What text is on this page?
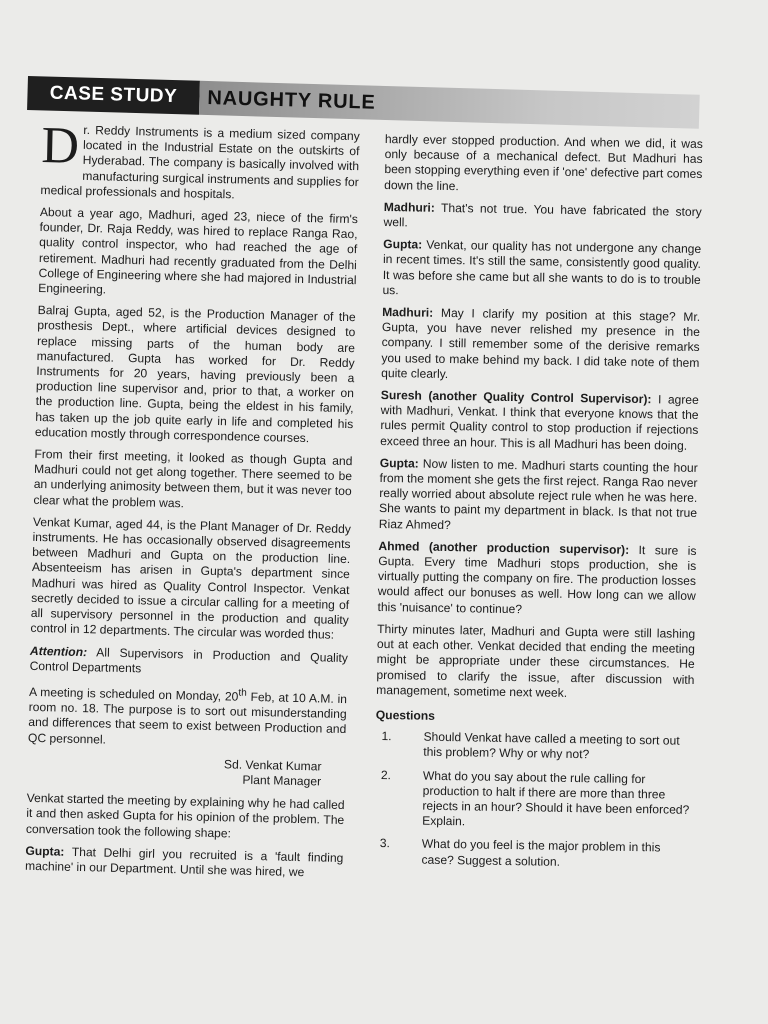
CASE STUDY	NAUGHTY RULE

Dr. Reddy Instruments is a medium sized company located in the Industrial Estate on the outskirts of Hyderabad. The company is basically involved with manufacturing surgical instruments and supplies for medical professionals and hospitals.

About a year ago, Madhuri, aged 23, niece of the firm's founder, Dr. Raja Reddy, was hired to replace Ranga Rao, quality control inspector, who had reached the age of retirement. Madhuri had recently graduated from the Delhi College of Engineering where she had majored in Industrial Engineering.

Balraj Gupta, aged 52, is the Production Manager of the prosthesis Dept., where artificial devices designed to replace missing parts of the human body are manufactured. Gupta has worked for Dr. Reddy Instruments for 20 years, having previously been a production line supervisor and, prior to that, a worker on the production line. Gupta, being the eldest in his family, has taken up the job quite early in life and completed his education mostly through correspondence courses.

From their first meeting, it looked as though Gupta and Madhuri could not get along together. There seemed to be an underlying animosity between them, but it was never too clear what the problem was.

Venkat Kumar, aged 44, is the Plant Manager of Dr. Reddy instruments. He has occasionally observed disagreements between Madhuri and Gupta on the production line. Absenteeism has arisen in Gupta's department since Madhuri was hired as Quality Control Inspector. Venkat secretly decided to issue a circular calling for a meeting of all supervisory personnel in the production and quality control in 12 departments. The circular was worded thus:

Attention: All Supervisors in Production and Quality Control Departments

A meeting is scheduled on Monday, 20th Feb, at 10 A.M. in room no. 18. The purpose is to sort out misunderstanding and differences that seem to exist between Production and QC personnel.

Sd. Venkat Kumar
Plant Manager

Venkat started the meeting by explaining why he had called it and then asked Gupta for his opinion of the problem. The conversation took the following shape:

Gupta: That Delhi girl you recruited is a 'fault finding machine' in our Department. Until she was hired, we

hardly ever stopped production. And when we did, it was only because of a mechanical defect. But Madhuri has been stopping everything even if 'one' defective part comes down the line.

Madhuri: That's not true. You have fabricated the story well.

Gupta: Venkat, our quality has not undergone any change in recent times. It's still the same, consistently good quality. It was before she came but all she wants to do is to trouble us.

Madhuri: May I clarify my position at this stage? Mr. Gupta, you have never relished my presence in the company. I still remember some of the derisive remarks you used to make behind my back. I did take note of them quite clearly.

Suresh (another Quality Control Supervisor): I agree with Madhuri, Venkat. I think that everyone knows that the rules permit Quality control to stop production if rejections exceed three an hour. This is all Madhuri has been doing.

Gupta: Now listen to me. Madhuri starts counting the hour from the moment she gets the first reject. Ranga Rao never really worried about absolute reject rule when he was here. She wants to paint my department in black. Is that not true Riaz Ahmed?

Ahmed (another production supervisor): It sure is Gupta. Every time Madhuri stops production, she is virtually putting the company on fire. The production losses would affect our bonuses as well. How long can we allow this 'nuisance' to continue?

Thirty minutes later, Madhuri and Gupta were still lashing out at each other. Venkat decided that ending the meeting might be appropriate under these circumstances. He promised to clarify the issue, after discussion with management, sometime next week.

Questions
1.	Should Venkat have called a meeting to sort out this problem? Why or why not?
2.	What do you say about the rule calling for production to halt if there are more than three rejects in an hour? Should it have been enforced? Explain.
3.	What do you feel is the major problem in this case? Suggest a solution.
